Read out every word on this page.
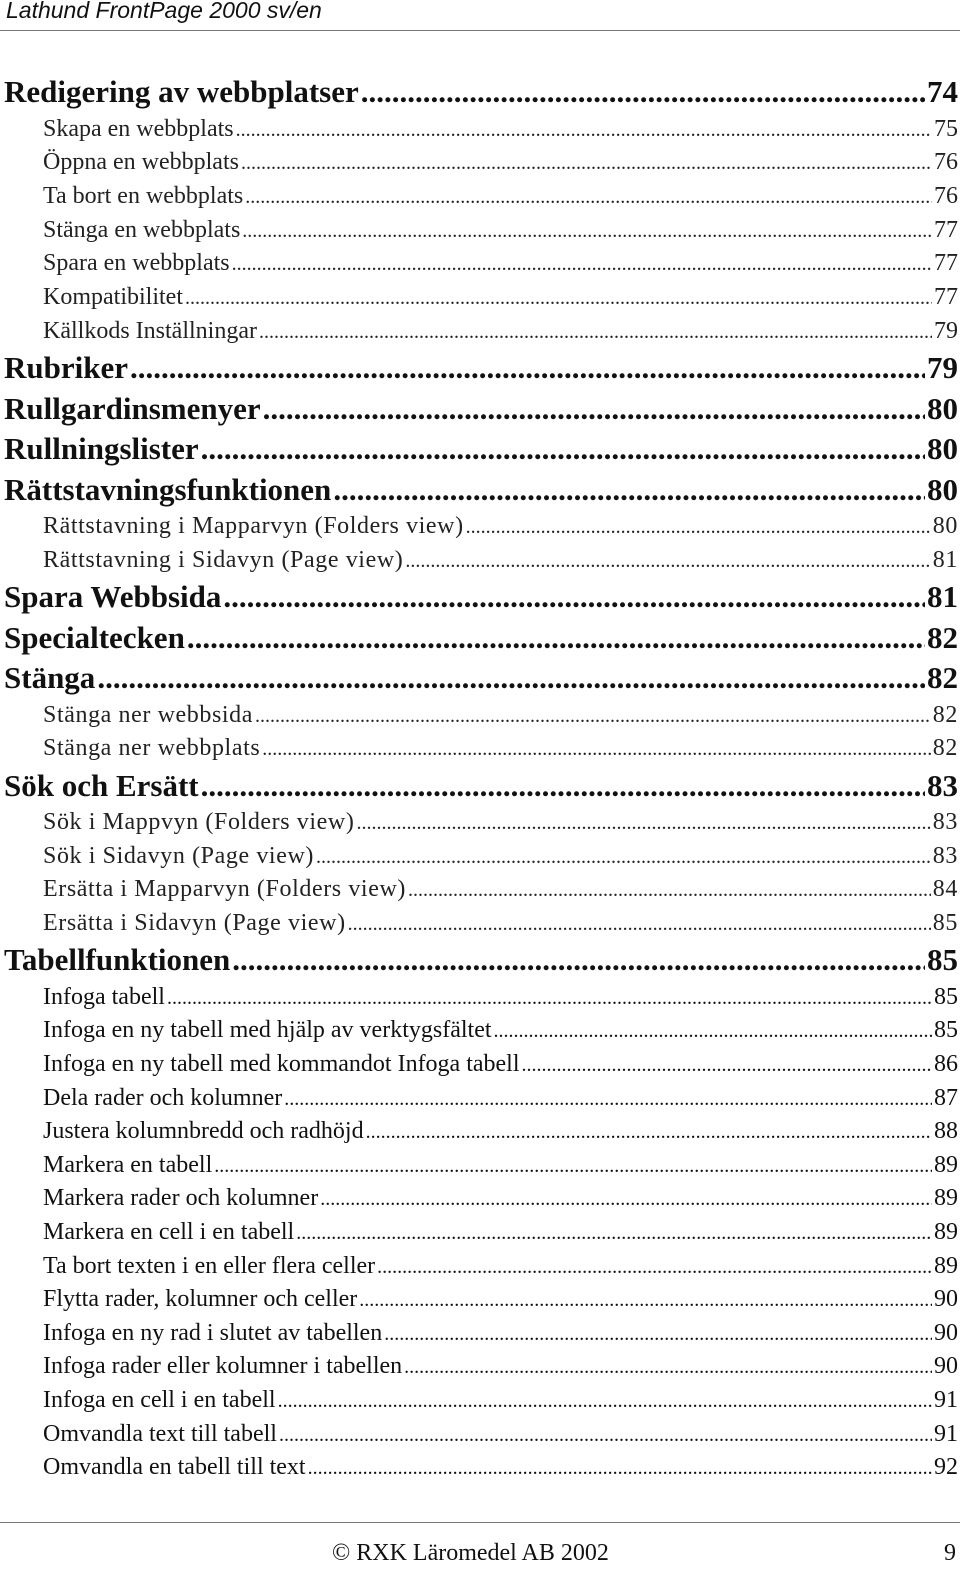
Lathund FrontPage 2000 sv/en
Redigering av webbplatser .....	74
Skapa en webbplats .....	75
Öppna en webbplats .....	76
Ta bort en webbplats .....	76
Stänga en webbplats .....	77
Spara en webbplats .....	77
Kompatibilitet .....	77
Källkods Inställningar .....	79
Rubriker .....	79
Rullgardinsmenyer .....	80
Rullningslister .....	80
Rättstavningsfunktionen .....	80
Rättstavning i Mapparvyn (Folders view) .....	80
Rättstavning i Sidavyn (Page view) .....	81
Spara Webbsida .....	81
Specialtecken .....	82
Stänga .....	82
Stänga ner webbsida .....	82
Stänga ner webbplats .....	82
Sök och Ersätt .....	83
Sök i Mappvyn (Folders view) .....	83
Sök i Sidavyn (Page view) .....	83
Ersätta i Mapparvyn (Folders view) .....	84
Ersätta i Sidavyn (Page view) .....	85
Tabellfunktionen .....	85
Infoga tabell .....	85
Infoga en ny tabell med hjälp av verktygsfältet .....	85
Infoga en ny tabell med kommandot Infoga tabell .....	86
Dela rader och kolumner .....	87
Justera kolumnbredd och radhöjd .....	88
Markera en tabell .....	89
Markera rader och kolumner .....	89
Markera en cell i en tabell .....	89
Ta bort texten i en eller flera celler .....	89
Flytta rader, kolumner och celler .....	90
Infoga en ny rad i slutet av tabellen .....	90
Infoga rader eller kolumner i tabellen .....	90
Infoga en cell i en tabell .....	91
Omvandla text till tabell .....	91
Omvandla en tabell till text .....	92
© RXK Läromedel AB 2002	9
